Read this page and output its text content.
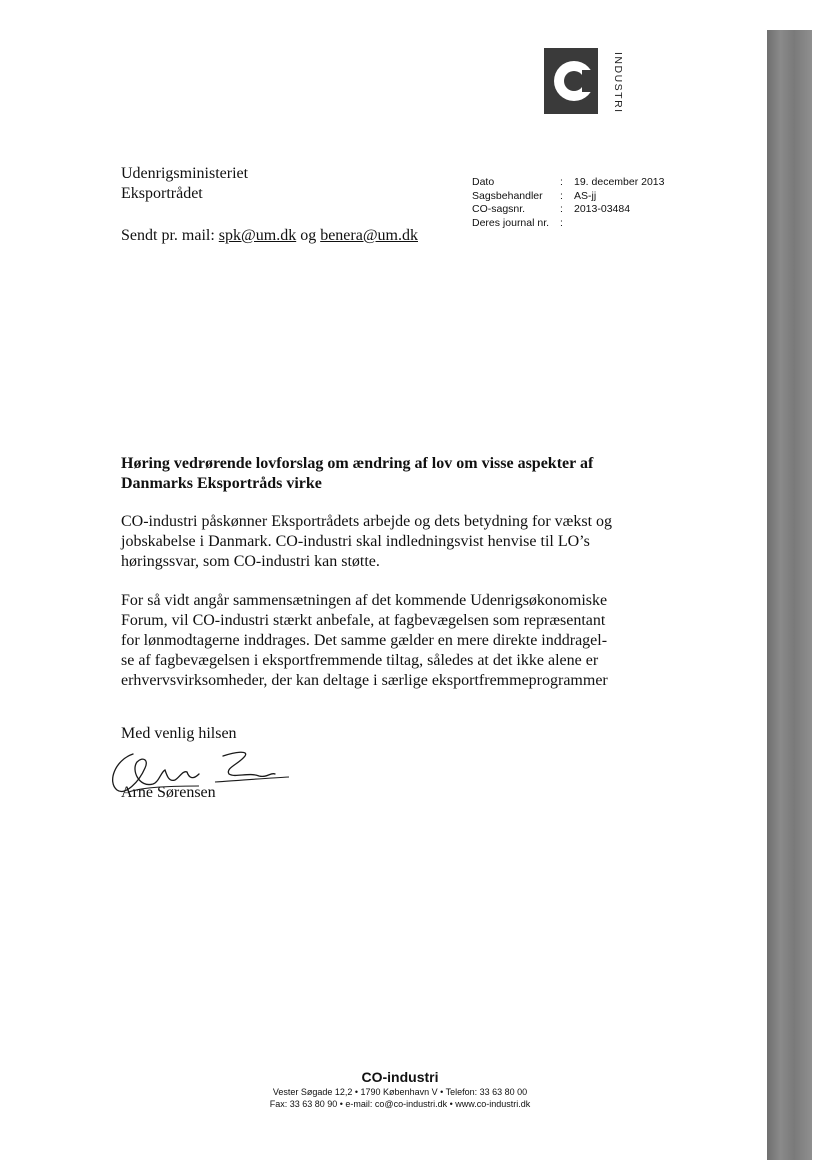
INDUSTRI
Udenrigsministeriet
Eksportrådet
Sendt pr. mail: spk@um.dk og benera@um.dk
Dato	:	19. december 2013
Sagsbehandler	:	AS-jj
CO-sagsnr.	:	2013-03484
Deres journal nr.	:
Høring vedrørende lovforslag om ændring af lov om visse aspekter af
Danmarks Eksportråds virke
CO-industri påskønner Eksportrådets arbejde og dets betydning for vækst og
jobskabelse i Danmark. CO-industri skal indledningsvist henvise til LO’s
høringssvar, som CO-industri kan støtte.
For så vidt angår sammensætningen af det kommende Udenrigsøkonomiske
Forum, vil CO-industri stærkt anbefale, at fagbevægelsen som repræsentant
for lønmodtagerne inddrages. Det samme gælder en mere direkte inddragel-
se af fagbevægelsen i eksportfremmende tiltag, således at det ikke alene er
erhvervsvirksomheder, der kan deltage i særlige eksportfremmeprogrammer
Med venlig hilsen
Arne Sørensen
CO-industri
Vester Søgade 12,2 • 1790 København V • Telefon: 33 63 80 00
Fax: 33 63 80 90 • e-mail: co@co-industri.dk • www.co-industri.dk
